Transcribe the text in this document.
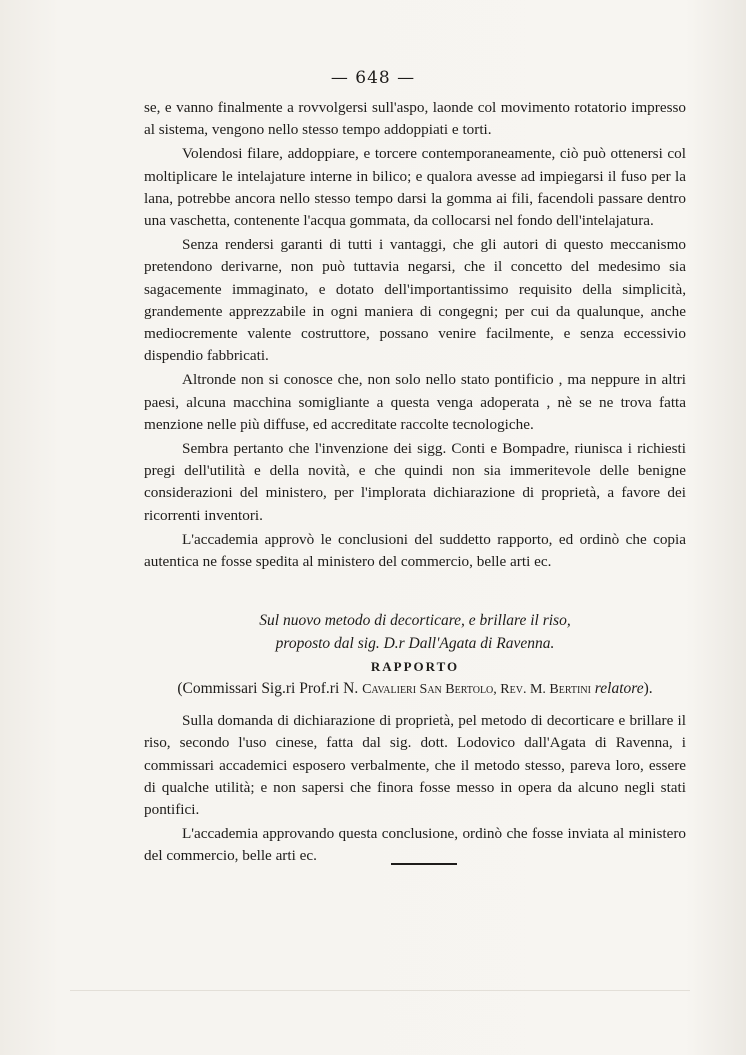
— 648 —

se, e vanno finalmente a rovvolgersi sull'aspo, laonde col movimento rotatorio impresso al sistema, vengono nello stesso tempo addoppiati e torti.

Volendosi filare, addoppiare, e torcere contemporaneamente, ciò può ottenersi col moltiplicare le intelajature interne in bilico; e qualora avesse ad impiegarsi il fuso per la lana, potrebbe ancora nello stesso tempo darsi la gomma ai fili, facendoli passare dentro una vaschetta, contenente l'acqua gommata, da collocarsi nel fondo dell'intelajatura.

Senza rendersi garanti di tutti i vantaggi, che gli autori di questo meccanismo pretendono derivarne, non può tuttavia negarsi, che il concetto del medesimo sia sagacemente immaginato, e dotato dell'importantissimo requisito della simplicità, grandemente apprezzabile in ogni maniera di congegni; per cui da qualunque, anche mediocremente valente costruttore, possano venire facilmente, e senza eccessivio dispendio fabbricati.

Altronde non si conosce che, non solo nello stato pontificio , ma neppure in altri paesi, alcuna macchina somigliante a questa venga adoperata , nè se ne trova fatta menzione nelle più diffuse, ed accreditate raccolte tecnologiche.

Sembra pertanto che l'invenzione dei sigg. Conti e Bompadre, riunisca i richiesti pregi dell'utilità e della novità, e che quindi non sia immeritevole delle benigne considerazioni del ministero, per l'implorata dichiarazione di proprietà, a favore dei ricorrenti inventori.

L'accademia approvò le conclusioni del suddetto rapporto, ed ordinò che copia autentica ne fosse spedita al ministero del commercio, belle arti ec.

Sul nuovo metodo di decorticare, e brillare il riso,
proposto dal sig. D.r Dall'Agata di Ravenna.
RAPPORTO
(Commissari Sig.ri Prof.ri N. Cavalieri San Bertolo, Rev. M. Bertini relatore).

Sulla domanda di dichiarazione di proprietà, pel metodo di decorticare e brillare il riso, secondo l'uso cinese, fatta dal sig. dott. Lodovico dall'Agata di Ravenna, i commissari accademici esposero verbalmente, che il metodo stesso, pareva loro, essere di qualche utilità; e non sapersi che finora fosse messo in opera da alcuno negli stati pontifici.

L'accademia approvando questa conclusione, ordinò che fosse inviata al ministero del commercio, belle arti ec.
